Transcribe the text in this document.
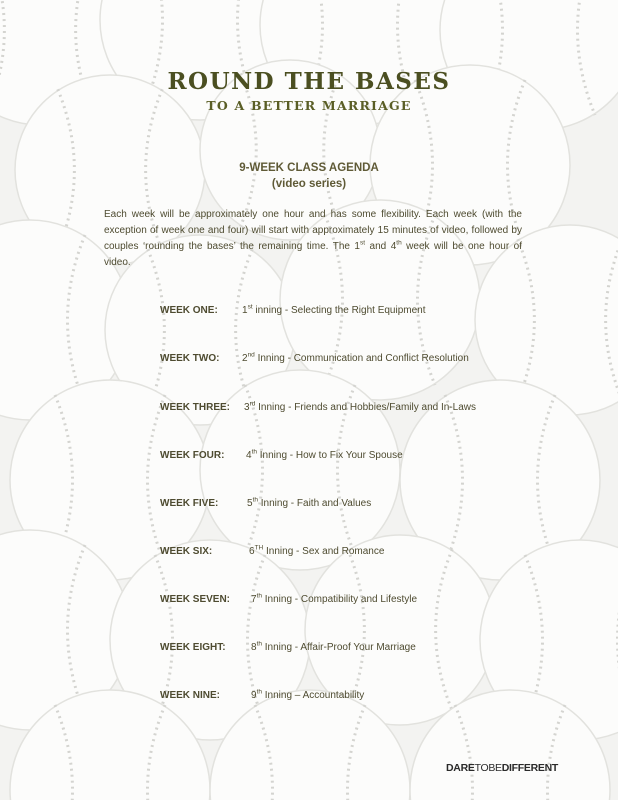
ROUND THE BASES
TO A BETTER MARRIAGE
9-WEEK CLASS AGENDA
(video series)

Each week will be approximately one hour and has some flexibility. Each week (with the exception of week one and four) will start with approximately 15 minutes of video, followed by couples ‘rounding the bases’ the remaining time. The 1st and 4th week will be one hour of video.

WEEK ONE: 1st inning - Selecting the Right Equipment
WEEK TWO: 2nd Inning - Communication and Conflict Resolution
WEEK THREE: 3rd Inning - Friends and Hobbies/Family and In-Laws
WEEK FOUR: 4th Inning - How to Fix Your Spouse
WEEK FIVE:	5th Inning - Faith and Values
WEEK SIX:	6TH Inning - Sex and Romance
WEEK SEVEN: 7th Inning - Compatibility and Lifestyle
WEEK EIGHT:	8th Inning - Affair-Proof Your Marriage
WEEK NINE:	9th Inning – Accountability
DARETOBEDIFFERENT
